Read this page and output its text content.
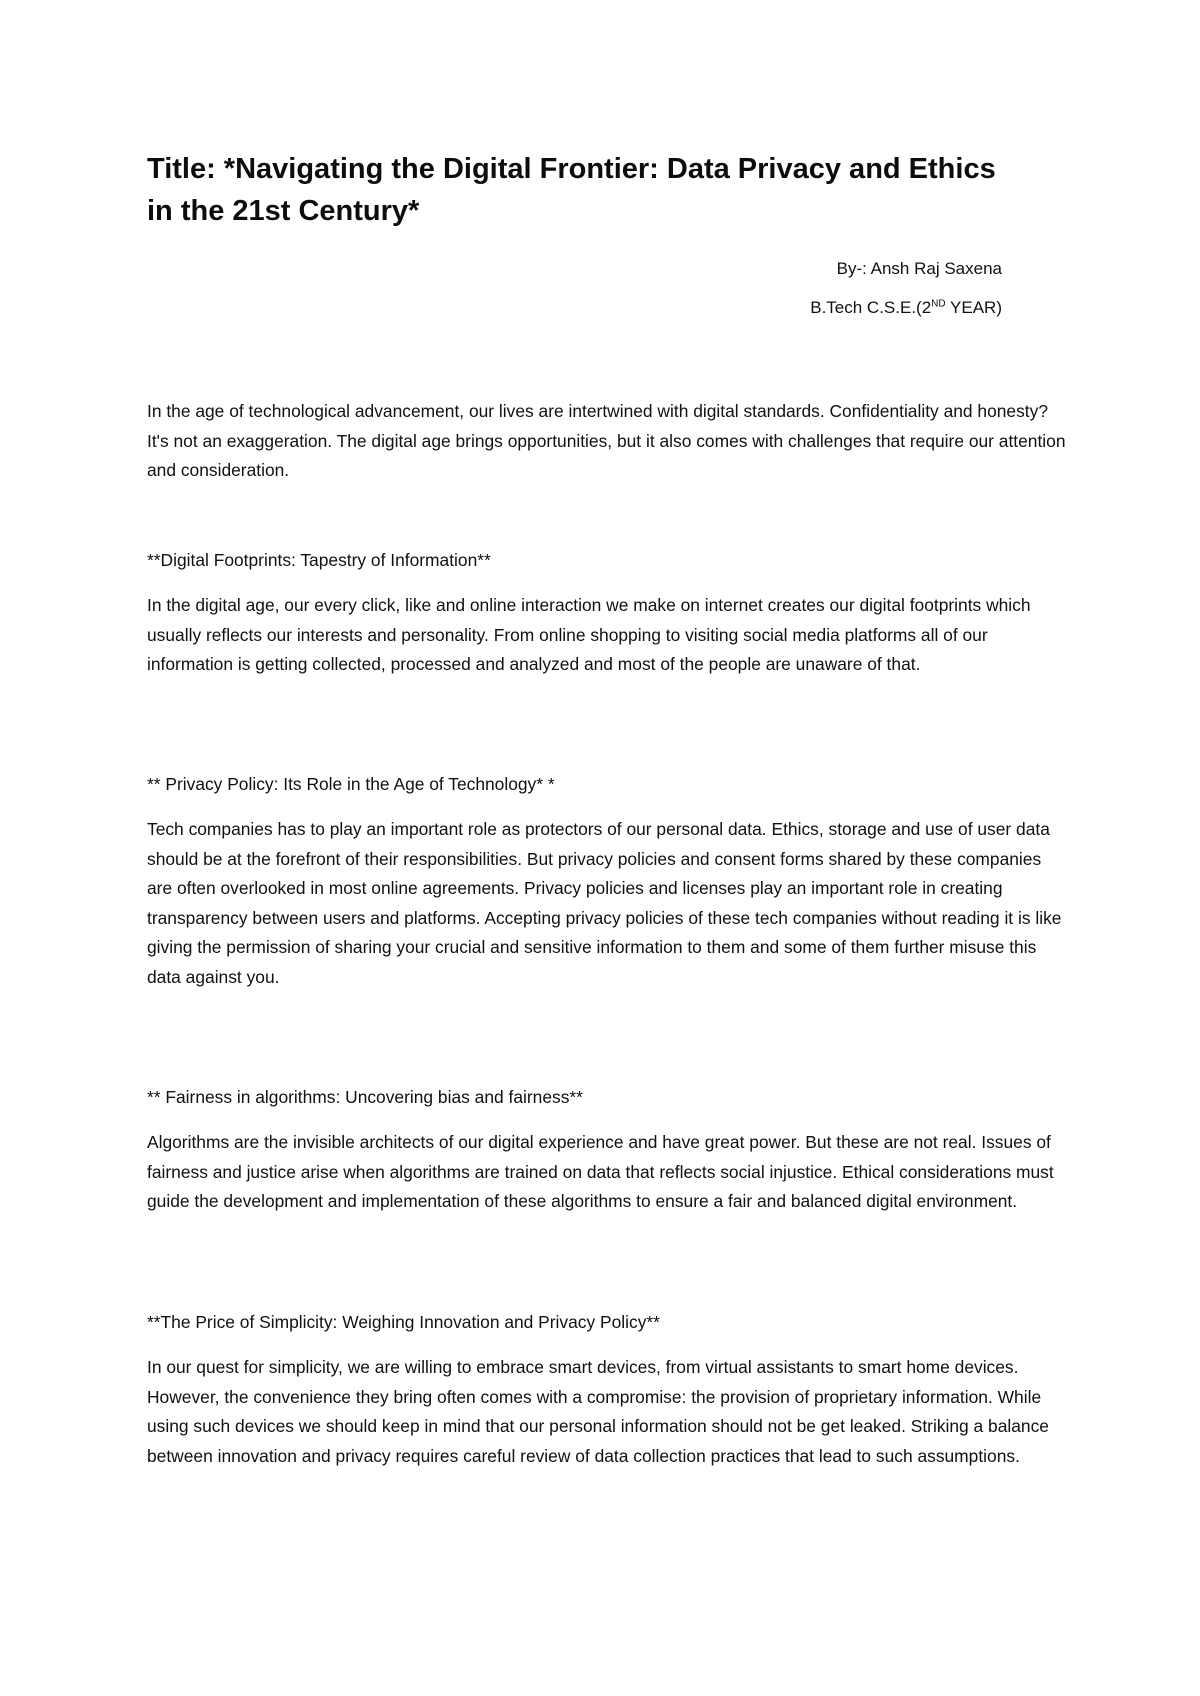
Title: *Navigating the Digital Frontier: Data Privacy and Ethics in the 21st Century*
By-: Ansh Raj Saxena
B.Tech C.S.E.(2ND YEAR)

In the age of technological advancement, our lives are intertwined with digital standards. Confidentiality and honesty? It's not an exaggeration. The digital age brings opportunities, but it also comes with challenges that require our attention and consideration.

**Digital Footprints: Tapestry of Information**

In the digital age, our every click, like and online interaction we make on internet creates our digital footprints which usually reflects our interests and personality. From online shopping to visiting social media platforms all of our information is getting collected, processed and analyzed and most of the people are unaware of that.

** Privacy Policy: Its Role in the Age of Technology* *

Tech companies has to play an important role as protectors of our personal data. Ethics, storage and use of user data should be at the forefront of their responsibilities. But privacy policies and consent forms shared by these companies are often overlooked in most online agreements. Privacy policies and licenses play an important role in creating transparency between users and platforms. Accepting privacy policies of these tech companies without reading it is like giving the permission of sharing your crucial and sensitive information to them and some of them further misuse this data against you.

** Fairness in algorithms: Uncovering bias and fairness**

Algorithms are the invisible architects of our digital experience and have great power. But these are not real. Issues of fairness and justice arise when algorithms are trained on data that reflects social injustice. Ethical considerations must guide the development and implementation of these algorithms to ensure a fair and balanced digital environment.

**The Price of Simplicity: Weighing Innovation and Privacy Policy**

In our quest for simplicity, we are willing to embrace smart devices, from virtual assistants to smart home devices. However, the convenience they bring often comes with a compromise: the provision of proprietary information. While using such devices we should keep in mind that our personal information should not be get leaked. Striking a balance between innovation and privacy requires careful review of data collection practices that lead to such assumptions.
